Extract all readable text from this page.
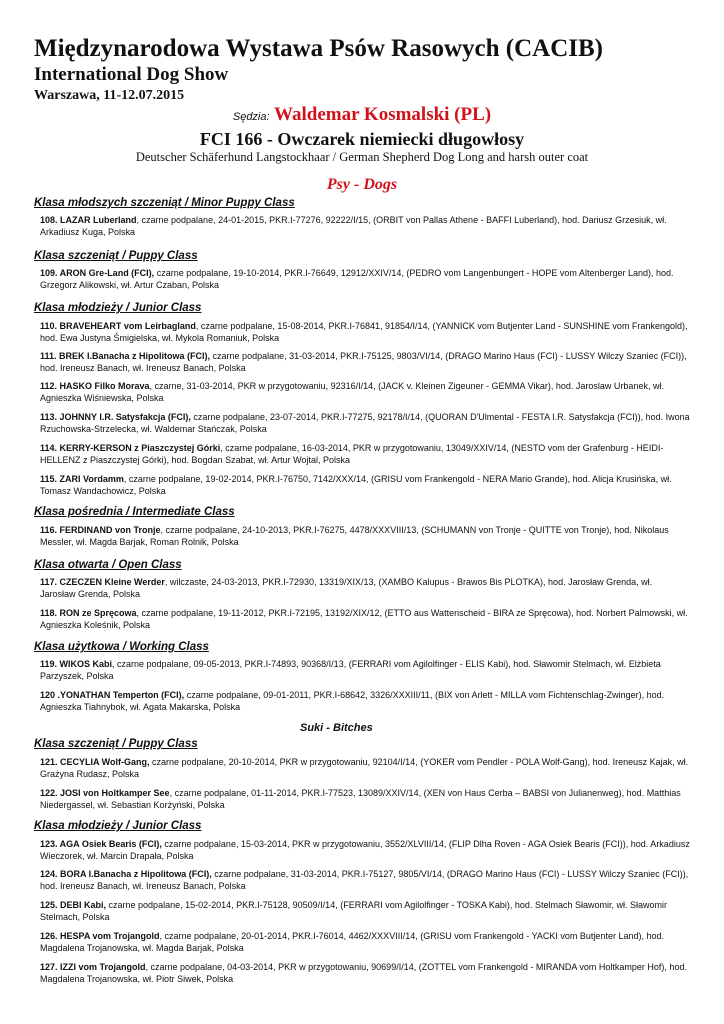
Międzynarodowa Wystawa Psów Rasowych (CACIB)
International Dog Show
Warszawa, 11-12.07.2015
Sędzia: Waldemar Kosmalski (PL)
FCI 166 - Owczarek niemiecki długowłosy
Deutscher Schäferhund Langstockhaar / German Shepherd Dog Long and harsh outer coat
Psy - Dogs
Klasa młodszych szczeniąt / Minor Puppy Class
108. LAZAR Luberland, czarne podpalane, 24-01-2015, PKR.I-77276, 92222/I/15, (ORBIT von Pallas Athene - BAFFI Luberland), hod. Dariusz Grzesiuk, wł. Arkadiusz Kuga, Polska
Klasa szczeniąt / Puppy Class
109. ARON Gre-Land (FCI), czarne podpalane, 19-10-2014, PKR.I-76649, 12912/XXIV/14, (PEDRO vom Langenbungert - HOPE vom Altenberger Land), hod. Grzegorz Alikowski, wł. Artur Czaban, Polska
Klasa młodzieży / Junior Class
110. BRAVEHEART vom Leirbagland, czarne podpalane, 15-08-2014, PKR.I-76841, 91854/I/14, (YANNICK vom Butjenter Land - SUNSHINE vom Frankengold), hod. Ewa Justyna Śmigielska, wł. Mykola Romaniuk, Polska
111. BREK I.Banacha z Hipolitowa (FCI), czarne podpalane, 31-03-2014, PKR.I-75125, 9803/VI/14, (DRAGO Marino Haus (FCI) - LUSSY Wilczy Szaniec (FCI)), hod. Ireneusz Banach, wł. Ireneusz Banach, Polska
112. HASKO Filko Morava, czarne, 31-03-2014, PKR w przygotowaniu, 92316/I/14, (JACK v. Kleinen Zigeuner - GEMMA Vikar), hod. Jaroslaw Urbanek, wł. Agnieszka Wiśniewska, Polska
113. JOHNNY I.R. Satysfakcja (FCI), czarne podpalane, 23-07-2014, PKR.I-77275, 92178/I/14, (QUORAN D'Ulmental - FESTA I.R. Satysfakcja (FCI)), hod. Iwona Rzuchowska-Strzelecka, wł. Waldemar Stańczak, Polska
114. KERRY-KERSON z Piaszczystej Górki, czarne podpalane, 16-03-2014, PKR w przygotowaniu, 13049/XXIV/14, (NESTO vom der Grafenburg - HEIDI-HELLENZ z Piaszczystej Górki), hod. Bogdan Szabat, wł. Artur Wojtal, Polska
115. ZARI Vordamm, czarne podpalane, 19-02-2014, PKR.I-76750, 7142/XXX/14, (GRISU vom Frankengold - NERA Mario Grande), hod. Alicja Krusińska, wł. Tomasz Wandachowicz, Polska
Klasa pośrednia / Intermediate Class
116. FERDINAND von Tronje, czarne podpalane, 24-10-2013, PKR.I-76275, 4478/XXXVIII/13, (SCHUMANN von Tronje - QUITTE von Tronje), hod. Nikolaus Messler, wł. Magda Barjak, Roman Rolnik, Polska
Klasa otwarta / Open Class
117. CZECZEN Kleine Werder, wilczaste, 24-03-2013, PKR.I-72930, 13319/XIX/13, (XAMBO Kalupus - Brawos Bis PLOTKA), hod. Jarosław Grenda, wł. Jarosław Grenda, Polska
118. RON ze Spręcowa, czarne podpalane, 19-11-2012, PKR.I-72195, 13192/XIX/12, (ETTO aus Wattenscheid - BIRA ze Spręcowa), hod. Norbert Palmowski, wł. Agnieszka Koleśnik, Polska
Klasa użytkowa / Working Class
119. WIKOS Kabi, czarne podpalane, 09-05-2013, PKR.I-74893, 90368/I/13, (FERRARI vom Agilolfinger - ELIS Kabi), hod. Sławomir Stelmach, wł. Elżbieta Parzyszek, Polska
120 .YONATHAN Temperton (FCI), czarne podpalane, 09-01-2011, PKR.I-68642, 3326/XXXIII/11, (BIX von Arlett - MILLA vom Fichtenschlag-Zwinger), hod. Agnieszka Tiahnybok, wł. Agata Makarska, Polska
Suki - Bitches
Klasa szczeniąt / Puppy Class
121. CECYLIA Wolf-Gang, czarne podpalane, 20-10-2014, PKR w przygotowaniu, 92104/I/14, (YOKER vom Pendler - POLA Wolf-Gang), hod. Ireneusz Kajak, wł. Grażyna Rudasz, Polska
122. JOSI von Holtkamper See, czarne podpalane, 01-11-2014, PKR.I-77523, 13089/XXIV/14, (XEN von Haus Cerba – BABSI von Julianenweg), hod. Matthias Niedergassel, wł. Sebastian Korżyński, Polska
Klasa młodzieży / Junior Class
123. AGA Osiek Bearis (FCI), czarne podpalane, 15-03-2014, PKR w przygotowaniu, 3552/XLVIII/14, (FLIP Dlha Roven - AGA Osiek Bearis (FCI)), hod. Arkadiusz Wieczorek, wł. Marcin Drapała, Polska
124. BORA I.Banacha z Hipolitowa (FCI), czarne podpalane, 31-03-2014, PKR.I-75127, 9805/VI/14, (DRAGO Marino Haus (FCI) - LUSSY Wilczy Szaniec (FCI)), hod. Ireneusz Banach, wł. Ireneusz Banach, Polska
125. DEBI Kabi, czarne podpalane, 15-02-2014, PKR.I-75128, 90509/I/14, (FERRARI vom Agilolfinger - TOSKA Kabi), hod. Stelmach Sławomir, wł. Sławomir Stelmach, Polska
126. HESPA vom Trojangold, czarne podpalane, 20-01-2014, PKR.I-76014, 4462/XXXVIII/14, (GRISU vom Frankengold - YACKI vom Butjenter Land), hod. Magdalena Trojanowska, wł. Magda Barjak, Polska
127. IZZI vom Trojangold, czarne podpalane, 04-03-2014, PKR w przygotowaniu, 90699/I/14, (ZOTTEL vom Frankengold - MIRANDA vom Holtkamper Hof), hod. Magdalena Trojanowska, wł. Piotr Siwek, Polska
